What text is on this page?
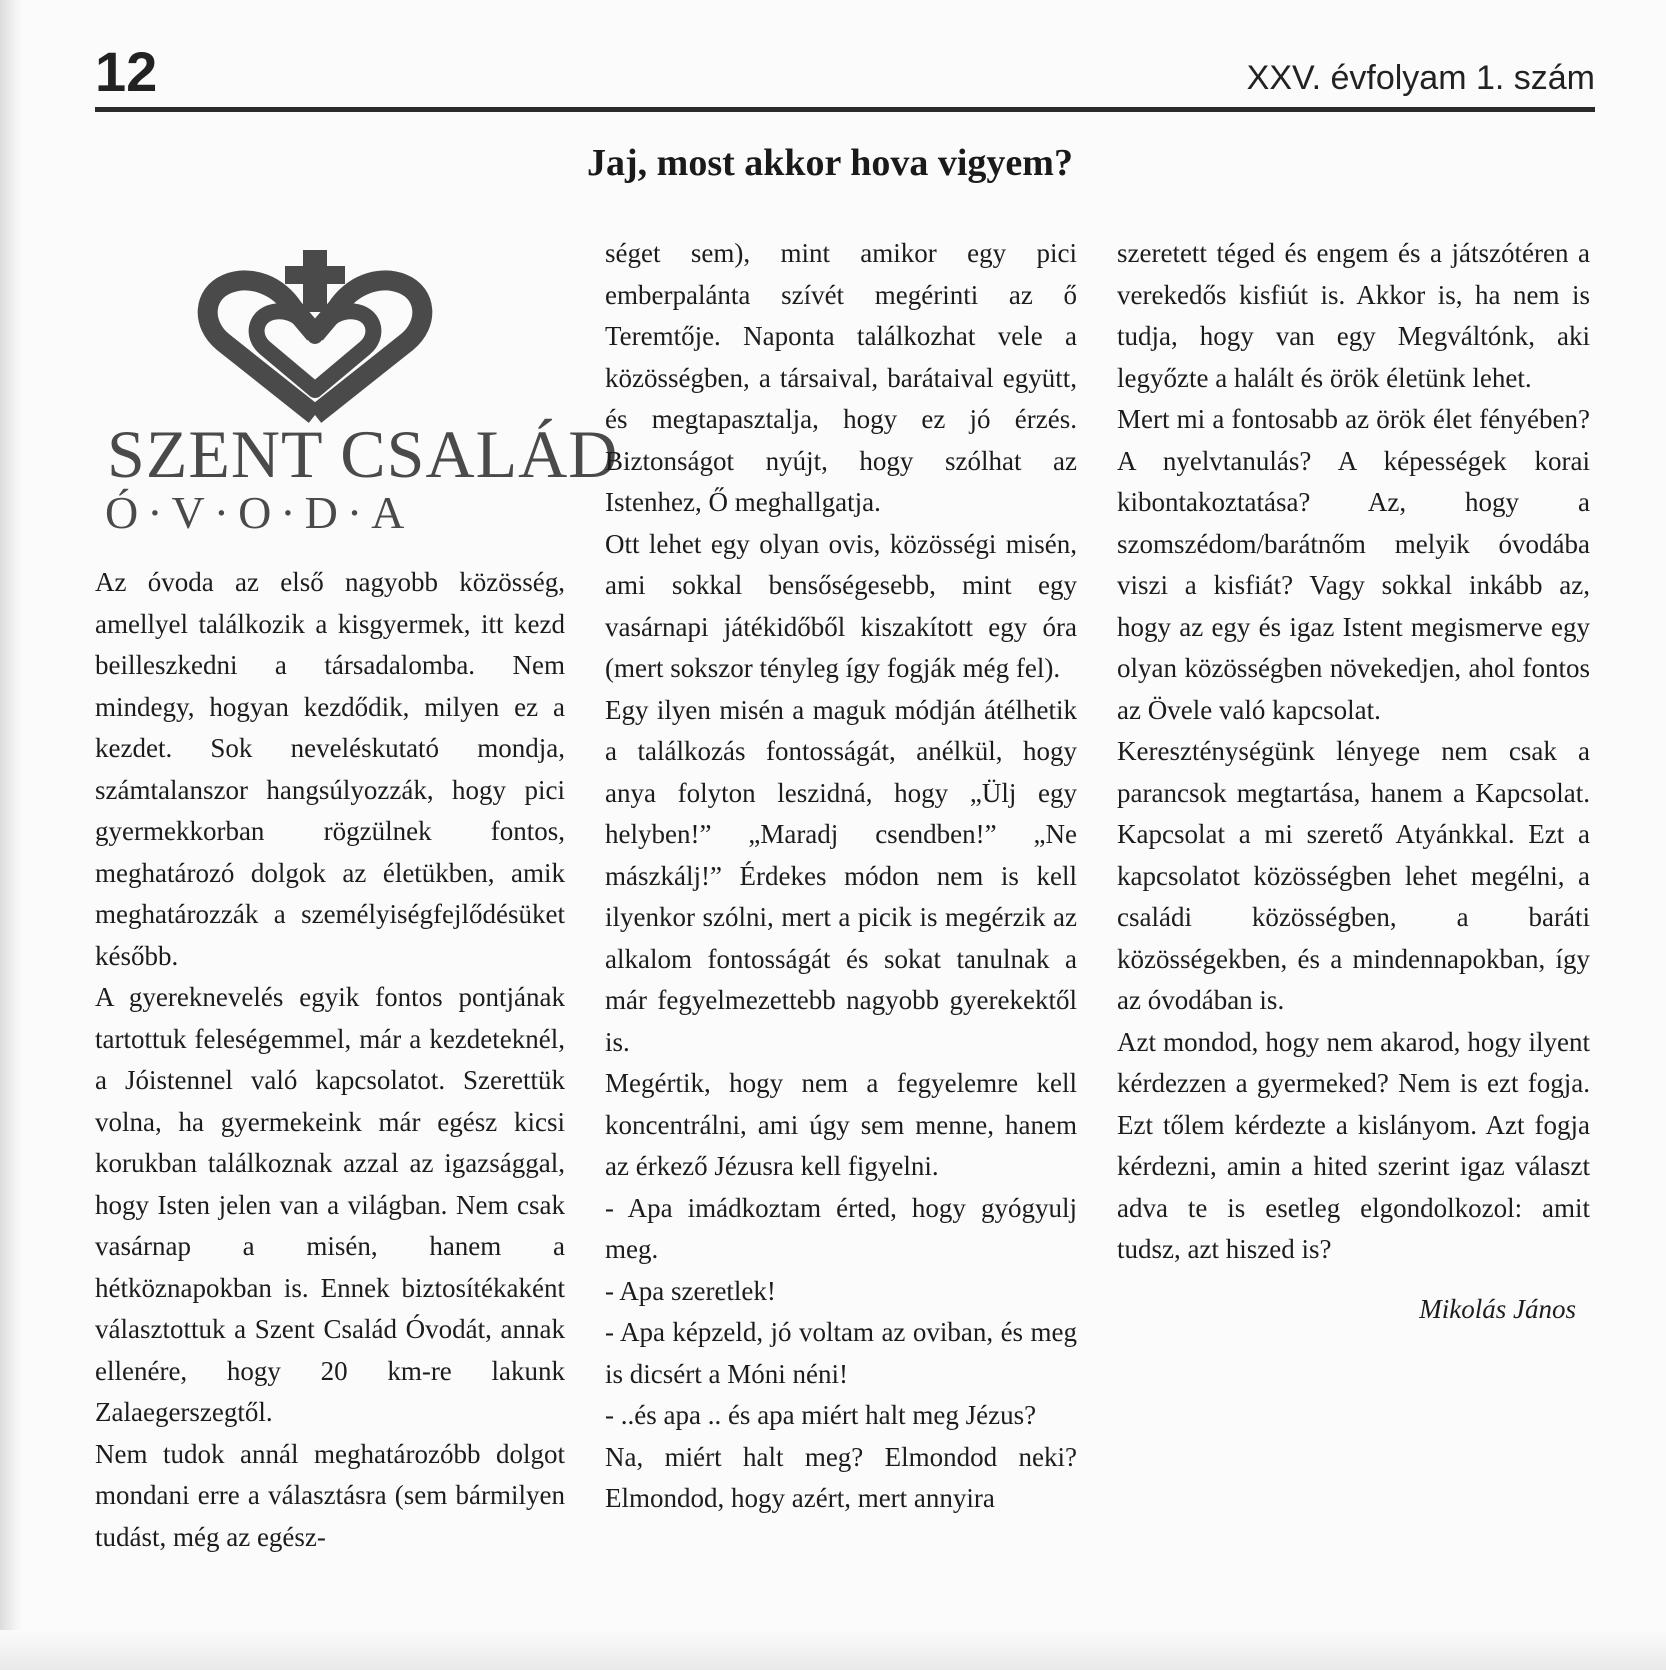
12	XXV. évfolyam 1. szám
Jaj, most akkor hova vigyem?
SZENT CSALÁD
Ó·V·O·D·A

Az óvoda az első nagyobb közösség, amellyel találkozik a kisgyermek, itt kezd beilleszkedni a társadalomba. Nem mindegy, hogyan kezdődik, milyen ez a kezdet. Sok neveléskutató mondja, számtalanszor hangsúlyozzák, hogy pici gyermekkorban rögzülnek fontos, meghatározó dolgok az életükben, amik meghatározzák a személyiségfejlődésüket később.

A gyereknevelés egyik fontos pontjának tartottuk feleségemmel, már a kezdeteknél, a Jóistennel való kapcsolatot. Szerettük volna, ha gyermekeink már egész kicsi korukban találkoznak azzal az igazsággal, hogy Isten jelen van a világban. Nem csak vasárnap a misén, hanem a hétköznapokban is. Ennek biztosítékaként választottuk a Szent Család Óvodát, annak ellenére, hogy 20 km-re lakunk Zalaegerszegtől.

Nem tudok annál meghatározóbb dolgot mondani erre a választásra (sem bármilyen tudást, még az egész-

séget sem), mint amikor egy pici emberpalánta szívét megérinti az ő Teremtője. Naponta találkozhat vele a közösségben, a társaival, barátaival együtt, és megtapasztalja, hogy ez jó érzés. Biztonságot nyújt, hogy szólhat az Istenhez, Ő meghallgatja.

Ott lehet egy olyan ovis, közösségi misén, ami sokkal bensőségesebb, mint egy vasárnapi játékidőből kiszakított egy óra (mert sokszor tényleg így fogják még fel).

Egy ilyen misén a maguk módján átélhetik a találkozás fontosságát, anélkül, hogy anya folyton leszidná, hogy „Ülj egy helyben!” „Maradj csendben!” „Ne mászkálj!” Érdekes módon nem is kell ilyenkor szólni, mert a picik is megérzik az alkalom fontosságát és sokat tanulnak a már fegyelmezettebb nagyobb gyerekektől is.

Megértik, hogy nem a fegyelemre kell koncentrálni, ami úgy sem menne, hanem az érkező Jézusra kell figyelni.

- Apa imádkoztam érted, hogy gyógyulj meg.

- Apa szeretlek!

- Apa képzeld, jó voltam az oviban, és meg is dicsért a Móni néni!

- ..és apa .. és apa miért halt meg Jézus?

Na, miért halt meg? Elmondod neki? Elmondod, hogy azért, mert annyira

szeretett téged és engem és a játszótéren a verekedős kisfiút is. Akkor is, ha nem is tudja, hogy van egy Megváltónk, aki legyőzte a halált és örök életünk lehet.

Mert mi a fontosabb az örök élet fényében? A nyelvtanulás? A képességek korai kibontakoztatása? Az, hogy a szomszédom/barátnőm melyik óvodába viszi a kisfiát? Vagy sokkal inkább az, hogy az egy és igaz Istent megismerve egy olyan közösségben növekedjen, ahol fontos az Övele való kapcsolat.

Kereszténységünk lényege nem csak a parancsok megtartása, hanem a Kapcsolat. Kapcsolat a mi szerető Atyánkkal. Ezt a kapcsolatot közösségben lehet megélni, a családi közösségben, a baráti közösségekben, és a mindennapokban, így az óvodában is.

Azt mondod, hogy nem akarod, hogy ilyent kérdezzen a gyermeked? Nem is ezt fogja. Ezt tőlem kérdezte a kislányom. Azt fogja kérdezni, amin a hited szerint igaz választ adva te is esetleg elgondolkozol: amit tudsz, azt hiszed is?

Mikolás János
